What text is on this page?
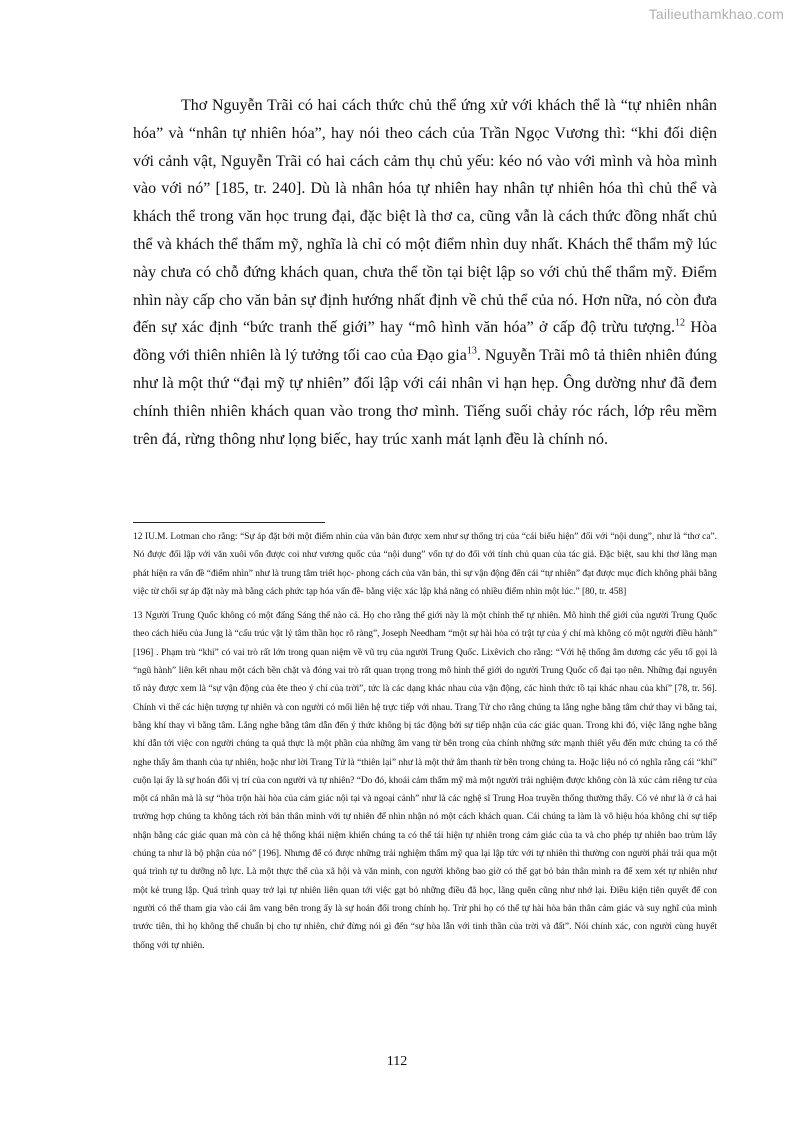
Tailieuthamkhao.com

Thơ Nguyễn Trãi có hai cách thức chủ thể ứng xử với khách thể là “tự nhiên nhân hóa” và “nhân tự nhiên hóa”, hay nói theo cách của Trần Ngọc Vương thì: “khi đối diện với cảnh vật, Nguyễn Trãi có hai cách cảm thụ chủ yếu: kéo nó vào với mình và hòa mình vào với nó” [185, tr. 240]. Dù là nhân hóa tự nhiên hay nhân tự nhiên hóa thì chủ thể và khách thể trong văn học trung đại, đặc biệt là thơ ca, cũng vẫn là cách thức đồng nhất chủ thể và khách thể thẩm mỹ, nghĩa là chỉ có một điểm nhìn duy nhất. Khách thể thẩm mỹ lúc này chưa có chỗ đứng khách quan, chưa thể tồn tại biệt lập so với chủ thể thẩm mỹ. Điểm nhìn này cấp cho văn bản sự định hướng nhất định về chủ thể của nó. Hơn nữa, nó còn đưa đến sự xác định “bức tranh thế giới” hay “mô hình văn hóa” ở cấp độ trừu tượng.$^{12}$ Hòa đồng với thiên nhiên là lý tưởng tối cao của Đạo gia$^{13}$. Nguyễn Trãi mô tả thiên nhiên đúng như là một thứ “đại mỹ tự nhiên” đối lập với cái nhân vi hạn hẹp. Ông dường như đã đem chính thiên nhiên khách quan vào trong thơ mình. Tiếng suối chảy róc rách, lớp rêu mềm trên đá, rừng thông như lọng biếc, hay trúc xanh mát lạnh đều là chính nó.

12 IU.M. Lotman cho rằng: “Sự áp đặt bởi một điểm nhìn của văn bản được xem như sự thống trị của “cái biểu hiện” đối với “nội dung”, như là “thơ ca”. Nó được đối lập với văn xuôi vốn được coi như vương quốc của “nội dung” vốn tự do đối với tính chủ quan của tác giả. Đặc biệt, sau khi thơ lãng mạn phát hiện ra vấn đề “điểm nhìn” như là trung tâm triết học- phong cách của văn bản, thì sự vận động đến cái “tự nhiên” đạt được mục đích không phải bằng việc từ chối sự áp đặt này mà bằng cách phức tạp hóa vấn đề- bằng việc xác lập khả năng có nhiều điểm nhìn một lúc.” [80, tr. 458]

13 Người Trung Quốc không có một đấng Sáng thế nào cả. Họ cho rằng thế giới này là một chỉnh thể tự nhiên. Mô hình thế giới của người Trung Quốc theo cách hiểu của Jung là “cấu trúc vật lý tâm thần học rõ ràng”, Joseph Needham “một sự hài hòa có trật tự của ý chí mà không có một người điều hành” [196] . Phạm trù “khí” có vai trò rất lớn trong quan niệm về vũ trụ của người Trung Quốc. Lixêvich cho rằng: “Với hệ thống âm dương các yếu tố gọi là “ngũ hành” liên kết nhau một cách bền chặt và đóng vai trò rất quan trọng trong mô hình thế giới do người Trung Quốc cổ đại tạo nên. Những đại nguyên tố này được xem là “sự vận động của ête theo ý chí của trời”, tức là các dạng khác nhau của vận động, các hình thức tồ tại khác nhau của khí” [78, tr. 56]. Chính vì thế các hiện tượng tự nhiên và con người có mối liên hệ trực tiếp với nhau. Trang Tử cho rằng chúng ta lắng nghe bằng tâm chứ thay vì bằng tai, bằng khí thay vì bằng tâm. Lắng nghe bằng tâm dẫn đến ý thức không bị tác động bởi sự tiếp nhận của các giác quan. Trong khi đó, việc lắng nghe bằng khí dẫn tới việc con người chúng ta quả thực là một phần của những âm vang từ bên trong của chính những sức mạnh thiết yếu đến mức chúng ta có thể nghe thấy âm thanh của tự nhiên, hoặc như lời Trang Tử là “thiên lại” như là một thứ âm thanh từ bên trong chúng ta. Hoặc liệu nó có nghĩa rằng cái “khí” cuộn lại ấy là sự hoán đổi vị trí của con người và tự nhiên? “Do đó, khoái cảm thẩm mỹ mà một người trải nghiệm được không còn là xúc cảm riêng tư của một cá nhân mà là sự “hòa trộn hài hòa của cảm giác nội tại và ngoại cảnh” như là các nghệ sĩ Trung Hoa truyền thống thường thấy. Có vẻ như là ở cả hai trường hợp chúng ta không tách rời bản thân mình với tự nhiên để nhìn nhận nó một cách khách quan. Cái chúng ta làm là vô hiệu hóa không chỉ sự tiếp nhận bằng các giác quan mà còn cả hệ thống khái niệm khiến chúng ta có thể tái hiện tự nhiên trong cảm giác của ta và cho phép tự nhiên bao trùm lấy chúng ta như là bộ phận của nó” [196]. Nhưng để có được những trải nghiệm thẩm mỹ qua lại lập tức với tự nhiên thì thường con người phải trải qua một quá trình tự tu dưỡng nỗ lực. Là một thực thể của xã hội và văn minh, con người không bao giờ có thể gạt bỏ bản thân mình ra để xem xét tự nhiên như một kẻ trung lập. Quá trình quay trở lại tự nhiên liên quan tới việc gạt bỏ những điều đã học, lãng quên cũng như nhớ lại. Điều kiện tiên quyết để con người có thể tham gia vào cái âm vang bên trong ấy là sự hoán đổi trong chính họ. Trừ phi họ có thể tự hài hòa bản thân cảm giác và suy nghĩ của mình trước tiên, thì họ không thể chuẩn bị cho tự nhiên, chứ đừng nói gì đến “sự hòa lẫn với tinh thần của trời và đất”. Nói chính xác, con người cùng huyết thống với tự nhiên.

112
